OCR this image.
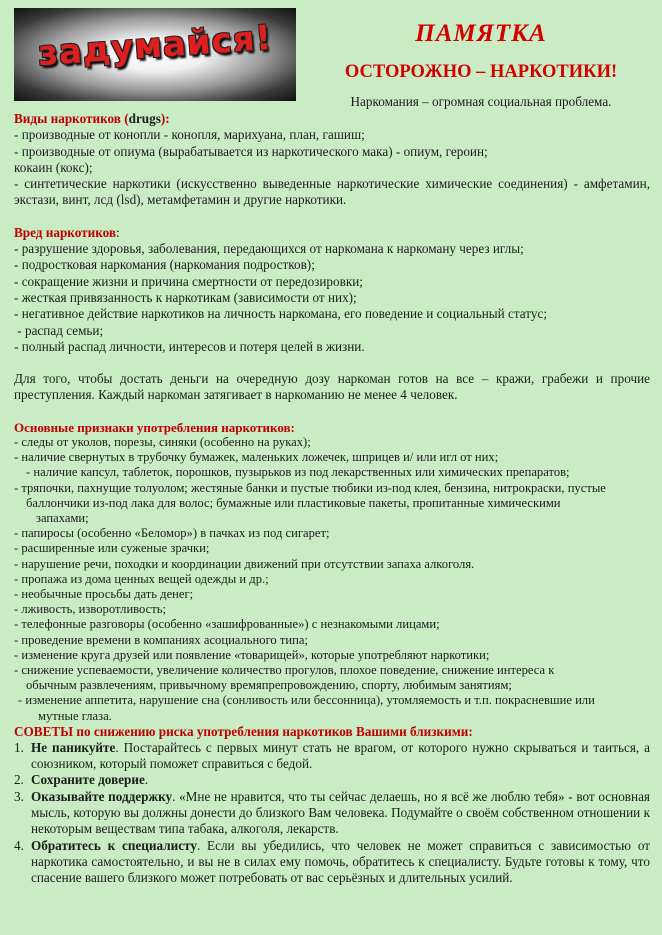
задумайся!	ПАМЯТКА
ОСТОРОЖНО – НАРКОТИКИ!
Наркомания – огромная социальная проблема.

Виды наркотиков (drugs):

- производные от конопли - конопля, марихуана, план, гашиш;

- производные от опиума (вырабатывается из наркотического мака) - опиум, героин;

кокаин (кокс);

- синтетические наркотики (искусственно выведенные наркотические химические соединения) - амфетамин, экстази, винт, лсд (lsd), метамфетамин и другие наркотики.

Вред наркотиков:

- разрушение здоровья, заболевания, передающихся от наркомана к наркоману через иглы;

- подростковая наркомания (наркомания подростков);

- сокращение жизни и причина смертности от передозировки;

- жесткая привязанность к наркотикам (зависимости от них);

- негативное действие наркотиков на личность наркомана, его поведение и социальный статус;

- распад семьи;

- полный распад личности, интересов и потеря целей в жизни.

Для того, чтобы достать деньги на очередную дозу наркоман готов на все – кражи, грабежи и прочие преступления. Каждый наркоман затягивает в наркоманию не менее 4 человек.

Основные признаки употребления наркотиков:

- следы от уколов, порезы, синяки (особенно на руках);

- наличие свернутых в трубочку бумажек, маленьких ложечек, шприцев и/ или игл от них;

- наличие капсул, таблеток, порошков, пузырьков из под лекарственных или химических препаратов;

- тряпочки, пахнущие толуолом; жестяные банки и пустые тюбики из-под клея, бензина, нитрокраски, пустые

баллончики из-под лака для волос; бумажные или пластиковые пакеты, пропитанные химическими

запахами;

- папиросы (особенно «Беломор») в пачках из под сигарет;

- расширенные или суженые зрачки;

- нарушение речи, походки и координации движений при отсутствии запаха алкоголя.

- пропажа из дома ценных вещей одежды и др.;

- необычные просьбы дать денег;

- лживость, изворотливость;

- телефонные разговоры (особенно «зашифрованные») с незнакомыми лицами;

- проведение времени в компаниях асоциального типа;

- изменение круга друзей или появление «товарищей», которые употребляют наркотики;

- снижение успеваемости, увеличение количество прогулов, плохое поведение, снижение интереса к

обычным развлечениям, привычному времяпрепровождению, спорту, любимым занятиям;

- изменение аппетита, нарушение сна (сонливость или бессонница), утомляемость и т.п. покрасневшие или

мутные глаза.

СОВЕТЫ по снижению риска употребления наркотиков Вашими близкими:

1. Не паникуйте. Постарайтесь с первых минут стать не врагом, от которого нужно скрываться и таиться, а союзником, который поможет справиться с бедой.
2. Сохраните доверие.
3. Оказывайте поддержку. «Мне не нравится, что ты сейчас делаешь, но я всё же люблю тебя» - вот основная мысль, которую вы должны донести до близкого Вам человека. Подумайте о своём собственном отношении к некоторым веществам типа табака, алкоголя, лекарств.
4. Обратитесь к специалисту. Если вы убедились, что человек не может справиться с зависимостью от наркотика самостоятельно, и вы не в силах ему помочь, обратитесь к специалисту. Будьте готовы к тому, что спасение вашего близкого может потребовать от вас серьёзных и длительных усилий.
